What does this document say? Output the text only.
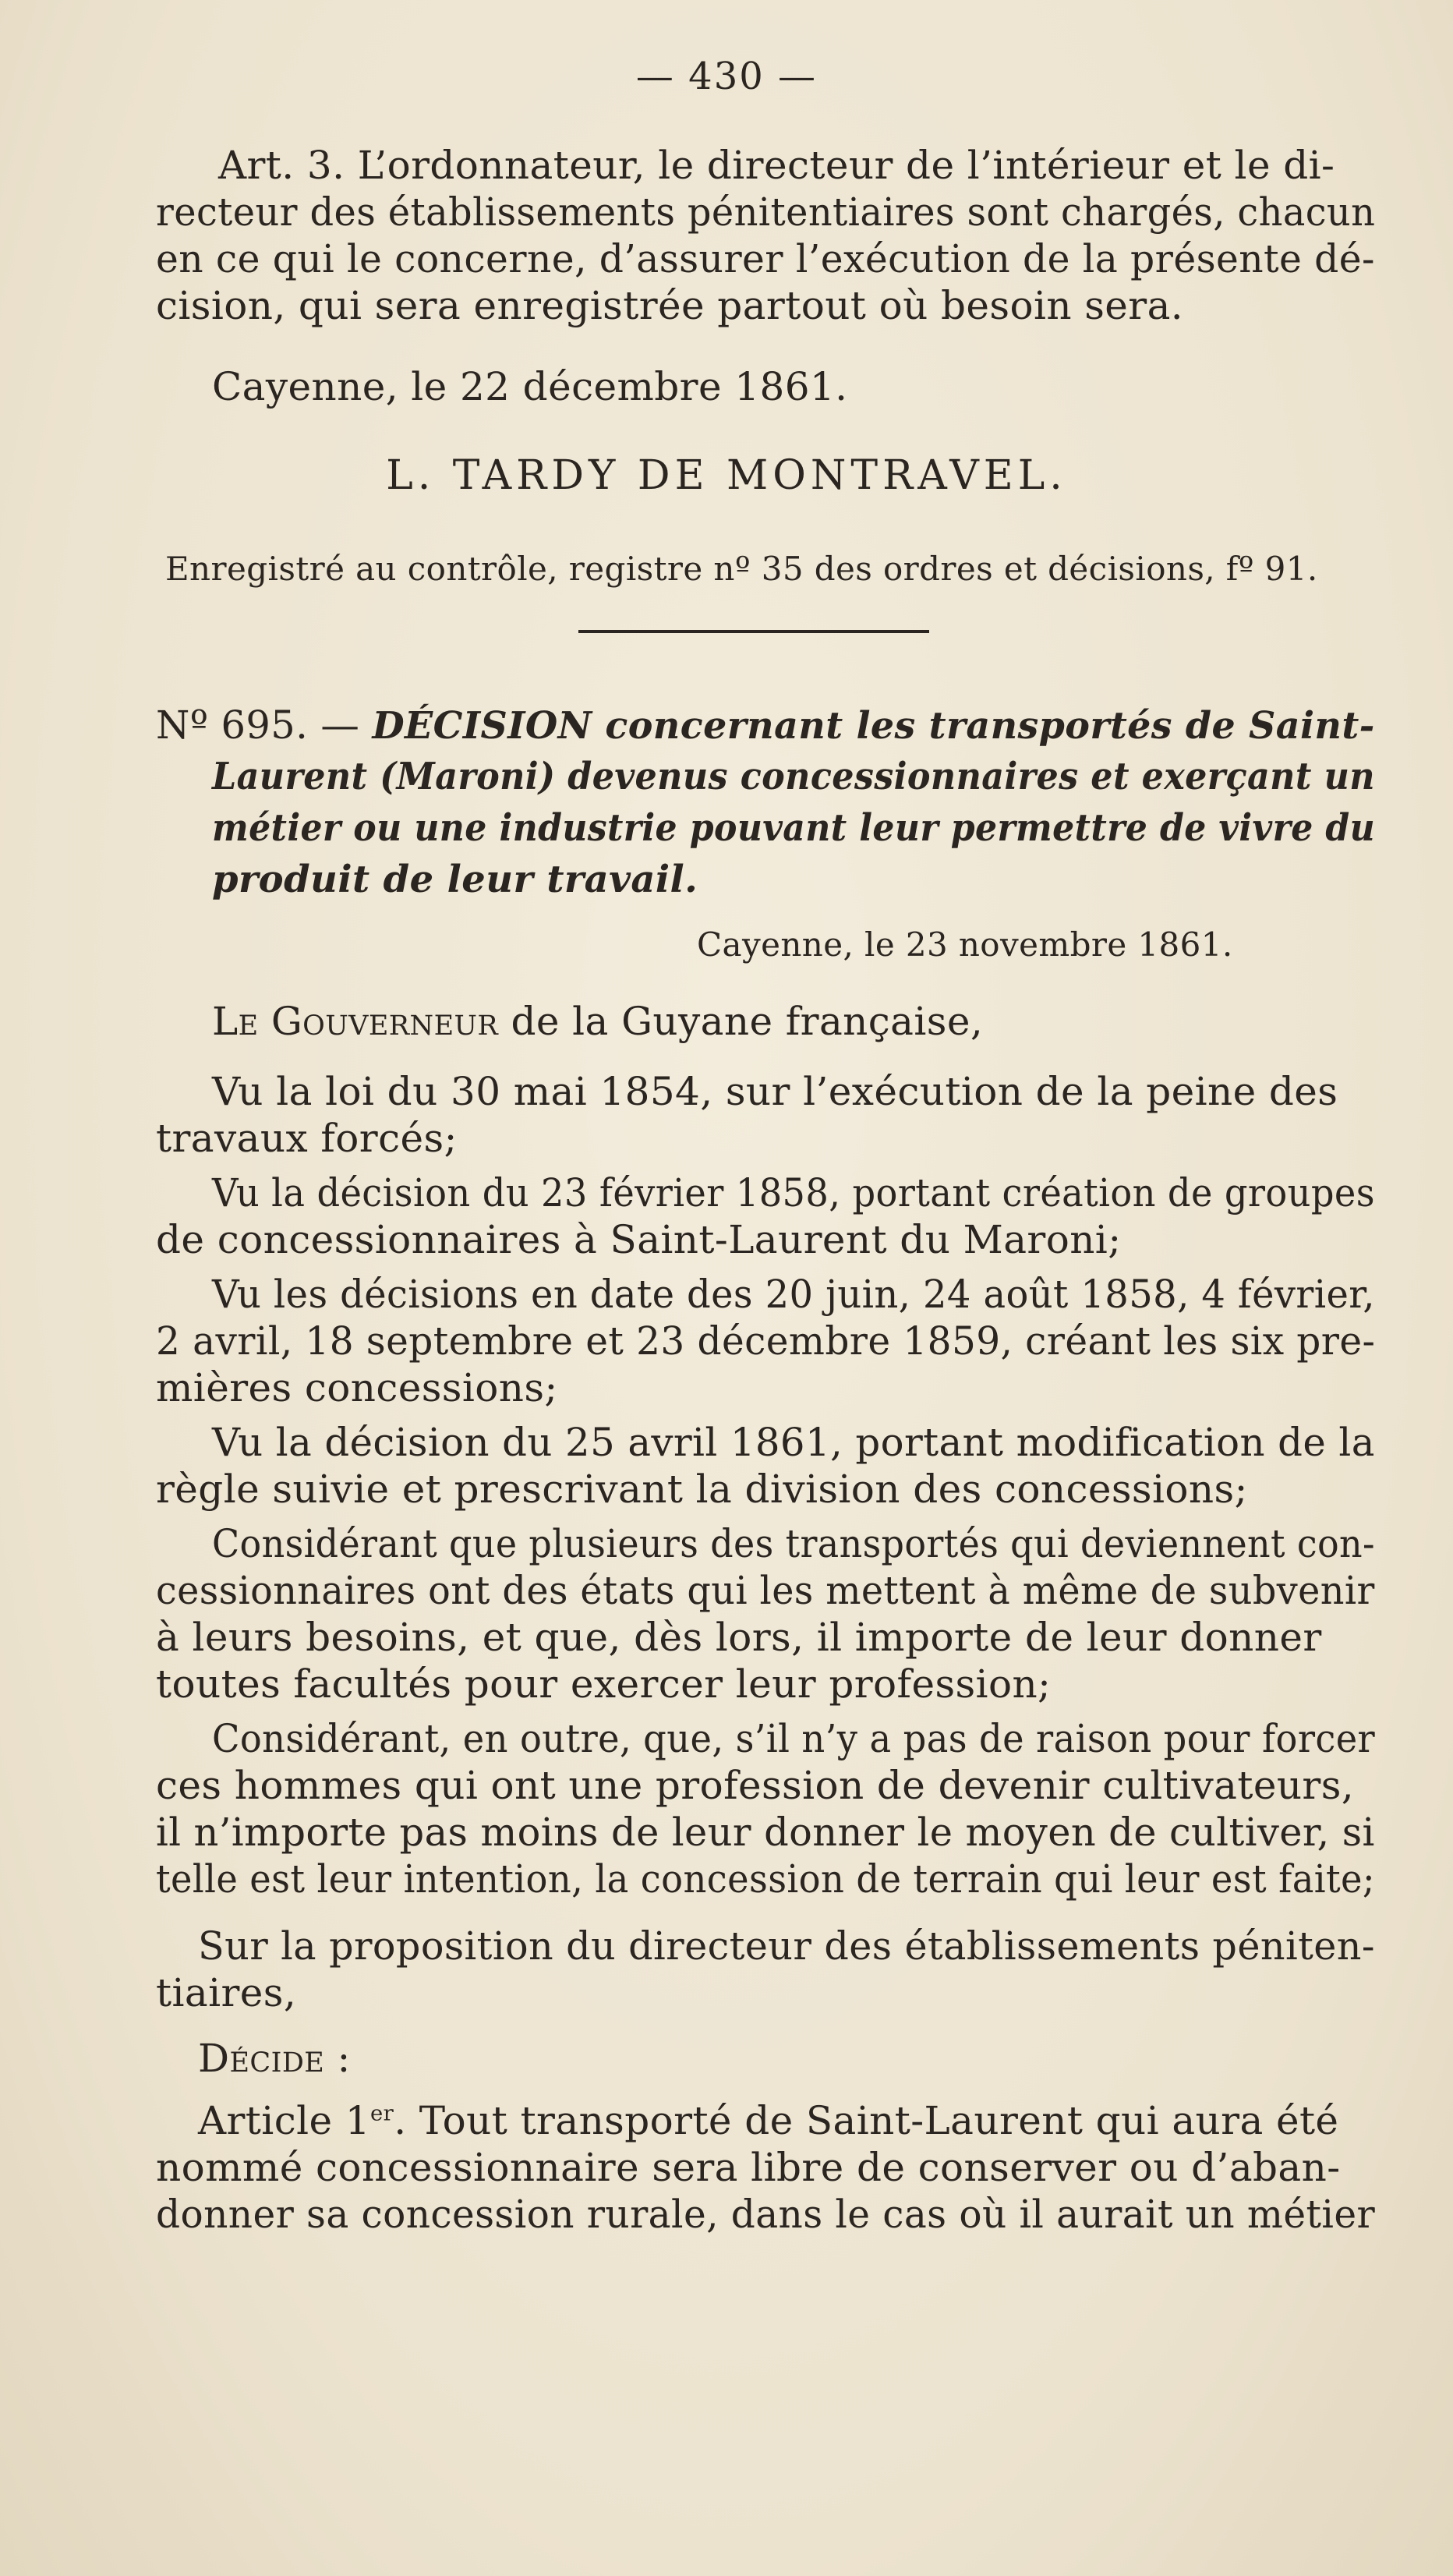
— 430 —
Art. 3. L’ordonnateur, le directeur de l’intérieur et le di-
recteur des établissements pénitentiaires sont chargés, chacun
en ce qui le concerne, d’assurer l’exécution de la présente dé-
cision, qui sera enregistrée partout où besoin sera.
Cayenne, le 22 décembre 1861.
L. TARDY DE MONTRAVEL.
Enregistré au contrôle, registre nº 35 des ordres et décisions, fº 91.
Nº 695. — DÉCISION concernant les transportés de Saint-
Laurent (Maroni) devenus concessionnaires et exerçant un
métier ou une industrie pouvant leur permettre de vivre du
produit de leur travail.
Cayenne, le 23 novembre 1861.
Le Gouverneur de la Guyane française,
Vu la loi du 30 mai 1854, sur l’exécution de la peine des
travaux forcés;
Vu la décision du 23 février 1858, portant création de groupes
de concessionnaires à Saint-Laurent du Maroni;
Vu les décisions en date des 20 juin, 24 août 1858, 4 février,
2 avril, 18 septembre et 23 décembre 1859, créant les six pre-
mières concessions;
Vu la décision du 25 avril 1861, portant modification de la
règle suivie et prescrivant la division des concessions;
Considérant que plusieurs des transportés qui deviennent con-
cessionnaires ont des états qui les mettent à même de subvenir
à leurs besoins, et que, dès lors, il importe de leur donner
toutes facultés pour exercer leur profession;
Considérant, en outre, que, s’il n’y a pas de raison pour forcer
ces hommes qui ont une profession de devenir cultivateurs,
il n’importe pas moins de leur donner le moyen de cultiver, si
telle est leur intention, la concession de terrain qui leur est faite;
Sur la proposition du directeur des établissements péniten-
tiaires,
Décide :
Article 1er. Tout transporté de Saint-Laurent qui aura été
nommé concessionnaire sera libre de conserver ou d’aban-
donner sa concession rurale, dans le cas où il aurait un métier
